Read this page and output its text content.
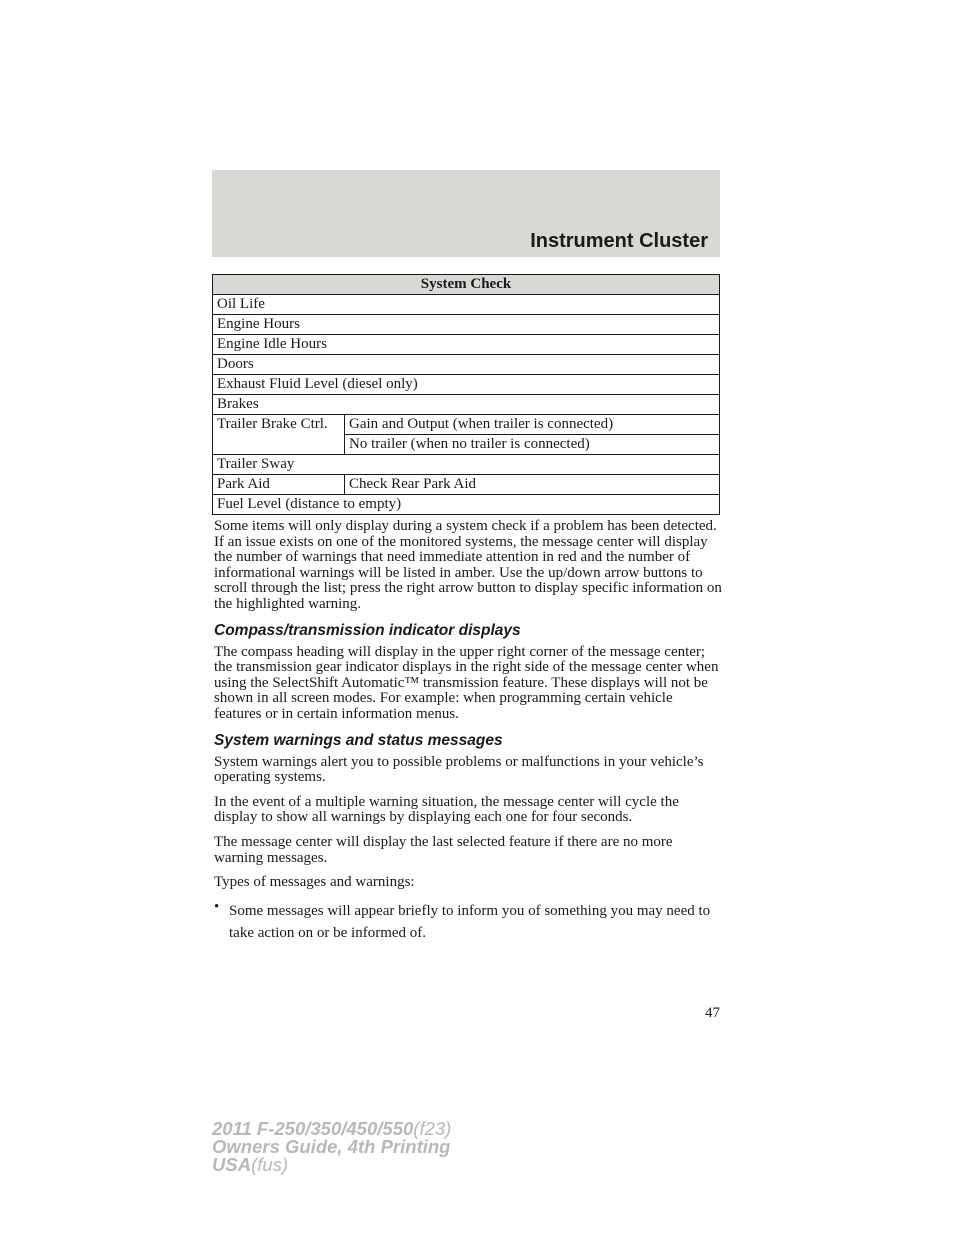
Instrument Cluster
System Check	
Oil Life	
Engine Hours	
Engine Idle Hours	
Doors	
Exhaust Fluid Level (diesel only)	
Brakes	
Trailer Brake Ctrl.	Gain and Output (when trailer is connected)
	No trailer (when no trailer is connected)
Trailer Sway	
Park Aid	Check Rear Park Aid
Fuel Level (distance to empty)	

Some items will only display during a system check if a problem has been detected. If an issue exists on one of the monitored systems, the message center will display the number of warnings that need immediate attention in red and the number of informational warnings will be listed in amber. Use the up/down arrow buttons to scroll through the list; press the right arrow button to display specific information on the highlighted warning.

Compass/transmission indicator displays

The compass heading will display in the upper right corner of the message center; the transmission gear indicator displays in the right side of the message center when using the SelectShift Automatic™ transmission feature. These displays will not be shown in all screen modes. For example: when programming certain vehicle features or in certain information menus.

System warnings and status messages

System warnings alert you to possible problems or malfunctions in your vehicle’s operating systems.

In the event of a multiple warning situation, the message center will cycle the display to show all warnings by displaying each one for four seconds.

The message center will display the last selected feature if there are no more warning messages.

Types of messages and warnings:

• Some messages will appear briefly to inform you of something you may need to take action on or be informed of.
47
2011 F-250/350/450/550(f23)
Owners Guide, 4th Printing
USA(fus)
